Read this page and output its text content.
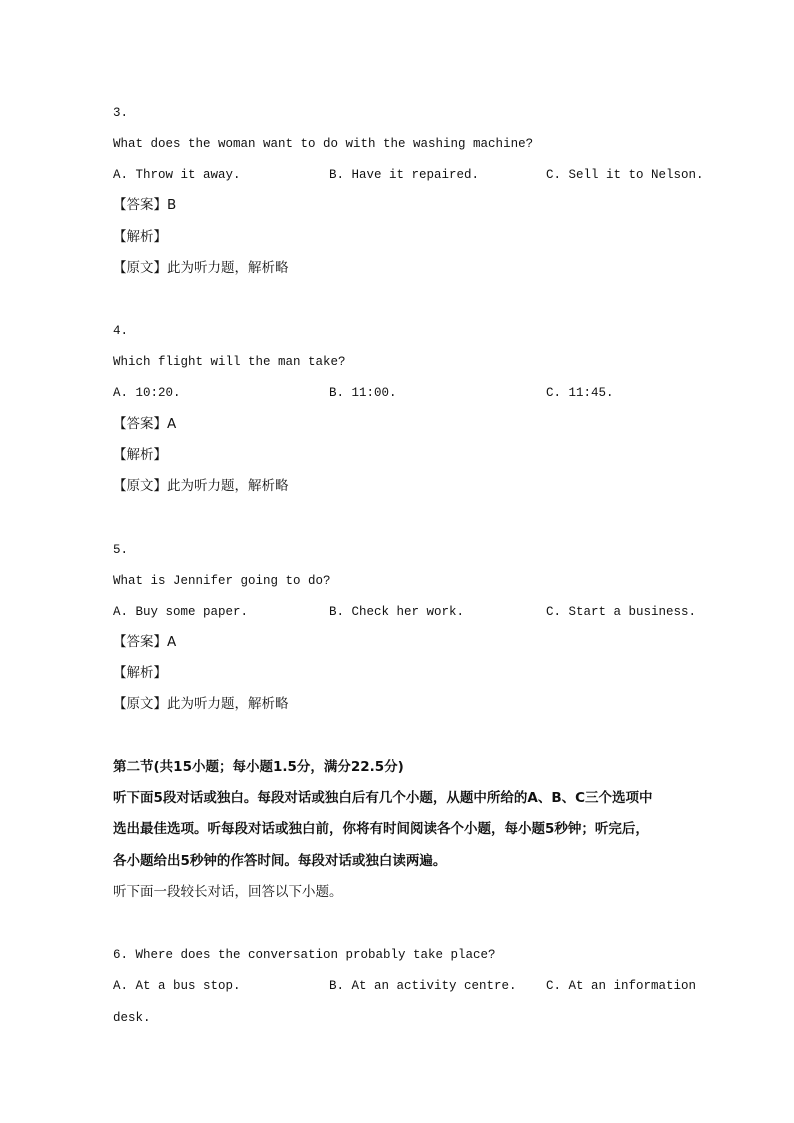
3.
What does the woman want to do with the washing machine?
A. Throw it away.	B. Have it repaired.	C. Sell it to Nelson.
【答案】B
【解析】
【原文】此为听力题，解析略
4.
Which flight will the man take?
A. 10:20.	B. 11:00.	C. 11:45.
【答案】A
【解析】
【原文】此为听力题，解析略
5.
What is Jennifer going to do?
A. Buy some paper.	B. Check her work.	C. Start a business.
【答案】A
【解析】
【原文】此为听力题，解析略
第二节(共15小题；每小题1.5分，满分22.5分)
听下面5段对话或独白。每段对话或独白后有几个小题，从题中所给的A、B、C三个选项中
选出最佳选项。听每段对话或独白前，你将有时间阅读各个小题，每小题5秒钟；听完后，
各小题给出5秒钟的作答时间。每段对话或独白读两遍。
听下面一段较长对话，回答以下小题。
6. Where does the conversation probably take place?
A. At a bus stop.	B. At an activity centre. C. At an information
desk.
